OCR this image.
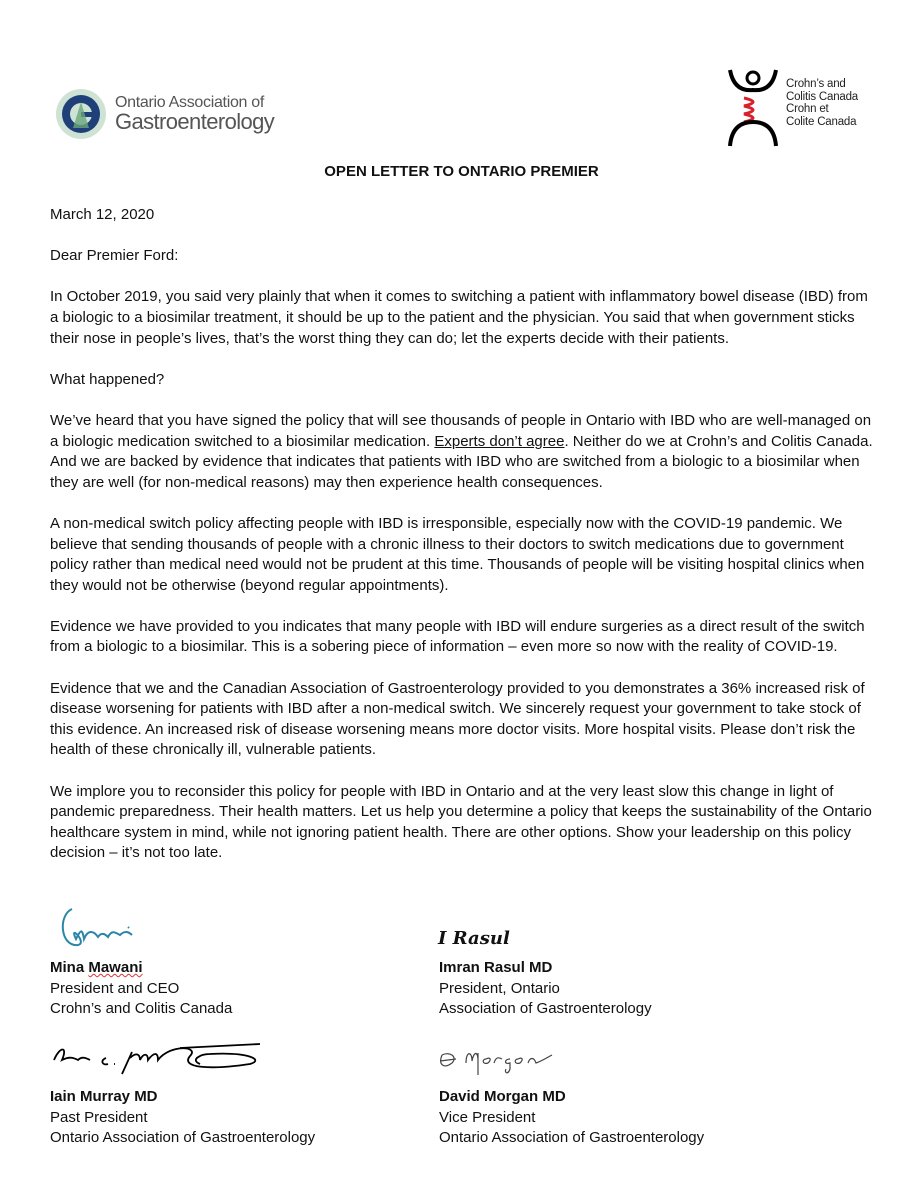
Ontario Association of
Gastroenterology
Crohn’s and
Colitis Canada
Crohn et
Colite Canada
OPEN LETTER TO ONTARIO PREMIER

March 12, 2020

Dear Premier Ford:

In October 2019, you said very plainly that when it comes to switching a patient with inflammatory bowel disease (IBD) from a biologic to a biosimilar treatment, it should be up to the patient and the physician. You said that when government sticks their nose in people’s lives, that’s the worst thing they can do; let the experts decide with their patients.

What happened?

We’ve heard that you have signed the policy that will see thousands of people in Ontario with IBD who are well-managed on a biologic medication switched to a biosimilar medication. Experts don’t agree. Neither do we at Crohn’s and Colitis Canada. And we are backed by evidence that indicates that patients with IBD who are switched from a biologic to a biosimilar when they are well (for non-medical reasons) may then experience health consequences.

A non-medical switch policy affecting people with IBD is irresponsible, especially now with the COVID-19 pandemic. We believe that sending thousands of people with a chronic illness to their doctors to switch medications due to government policy rather than medical need would not be prudent at this time. Thousands of people will be visiting hospital clinics when they would not be otherwise (beyond regular appointments).

Evidence we have provided to you indicates that many people with IBD will endure surgeries as a direct result of the switch from a biologic to a biosimilar. This is a sobering piece of information – even more so now with the reality of COVID-19.

Evidence that we and the Canadian Association of Gastroenterology provided to you demonstrates a 36% increased risk of disease worsening for patients with IBD after a non-medical switch. We sincerely request your government to take stock of this evidence. An increased risk of disease worsening means more doctor visits. More hospital visits. Please don’t risk the health of these chronically ill, vulnerable patients.

We implore you to reconsider this policy for people with IBD in Ontario and at the very least slow this change in light of pandemic preparedness. Their health matters. Let us help you determine a policy that keeps the sustainability of the Ontario healthcare system in mind, while not ignoring patient health. There are other options. Show your leadership on this policy decision – it’s not too late.

I Rasul
Mina Mawani
President and CEO
Crohn’s and Colitis Canada
Imran Rasul MD
President, Ontario
Association of Gastroenterology
Iain Murray MD
Past President
Ontario Association of Gastroenterology
David Morgan MD
Vice President
Ontario Association of Gastroenterology
